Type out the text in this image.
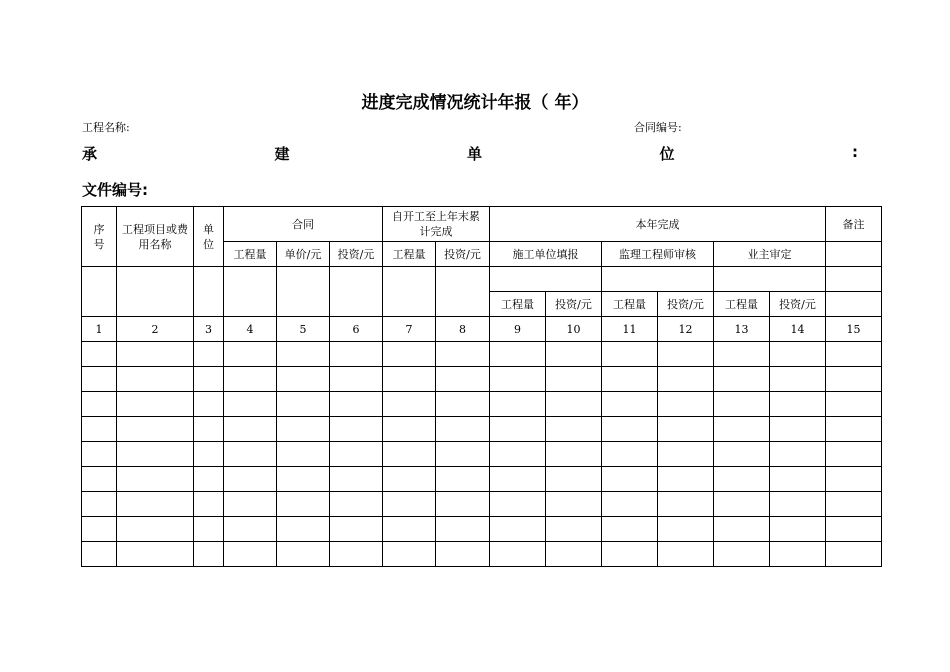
进度完成情况统计年报（ 年）
工程名称:	合同编号:
承	建	单	位	:
文件编号:
序号	工程项目或费用名称	单位	合同			自开工至上年末累计完成		本年完成						备注
			工程量	单价/元	投资/元	工程量	投资/元	施工单位填报		监理工程师审核		业主审定		

								工程量	投资/元	工程量	投资/元	工程量	投资/元	
1	2	3	4	5	6	7	8	9	10	11	12	13	14	15
